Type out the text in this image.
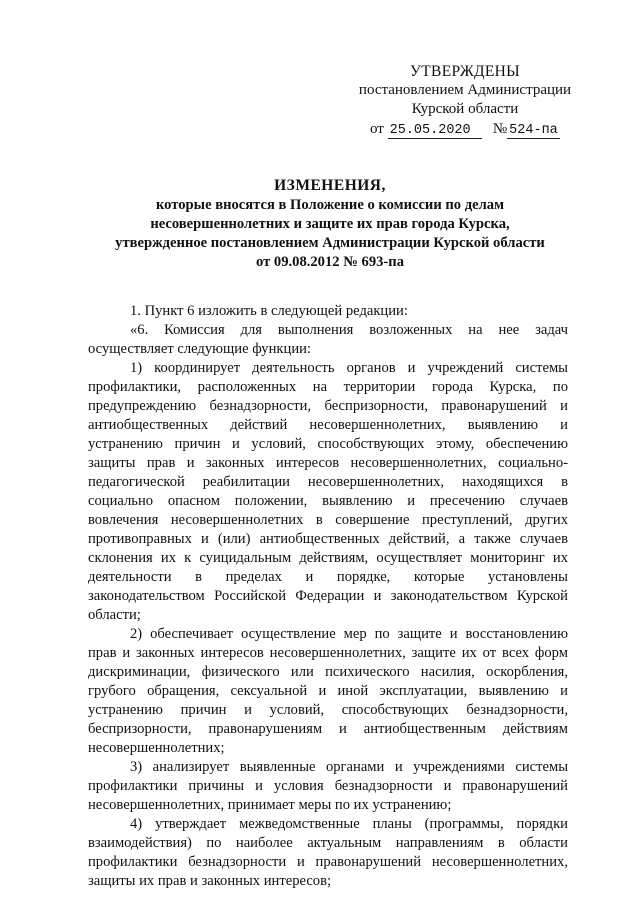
УТВЕРЖДЕНЫ
постановлением Администрации
Курской области
от 25.05.2020 № 524-па
ИЗМЕНЕНИЯ,
которые вносятся в Положение о комиссии по делам
несовершеннолетних и защите их прав города Курска,
утвержденное постановлением Администрации Курской области
от 09.08.2012 № 693-па

1. Пункт 6 изложить в следующей редакции:

«6. Комиссия для выполнения возложенных на нее задач осуществляет следующие функции:

1) координирует деятельность органов и учреждений системы профилактики, расположенных на территории города Курска, по предупреждению безнадзорности, беспризорности, правонарушений и антиобщественных действий несовершеннолетних, выявлению и устранению причин и условий, способствующих этому, обеспечению защиты прав и законных интересов несовершеннолетних, социально-педагогической реабилитации несовершеннолетних, находящихся в социально опасном положении, выявлению и пресечению случаев вовлечения несовершеннолетних в совершение преступлений, других противоправных и (или) антиобщественных действий, а также случаев склонения их к суицидальным действиям, осуществляет мониторинг их деятельности в пределах и порядке, которые установлены законодательством Российской Федерации и законодательством Курской области;

2) обеспечивает осуществление мер по защите и восстановлению прав и законных интересов несовершеннолетних, защите их от всех форм дискриминации, физического или психического насилия, оскорбления, грубого обращения, сексуальной и иной эксплуатации, выявлению и устранению причин и условий, способствующих безнадзорности, беспризорности, правонарушениям и антиобщественным действиям несовершеннолетних;

3) анализирует выявленные органами и учреждениями системы профилактики причины и условия безнадзорности и правонарушений несовершеннолетних, принимает меры по их устранению;

4) утверждает межведомственные планы (программы, порядки взаимодействия) по наиболее актуальным направлениям в области профилактики безнадзорности и правонарушений несовершеннолетних, защиты их прав и законных интересов;
